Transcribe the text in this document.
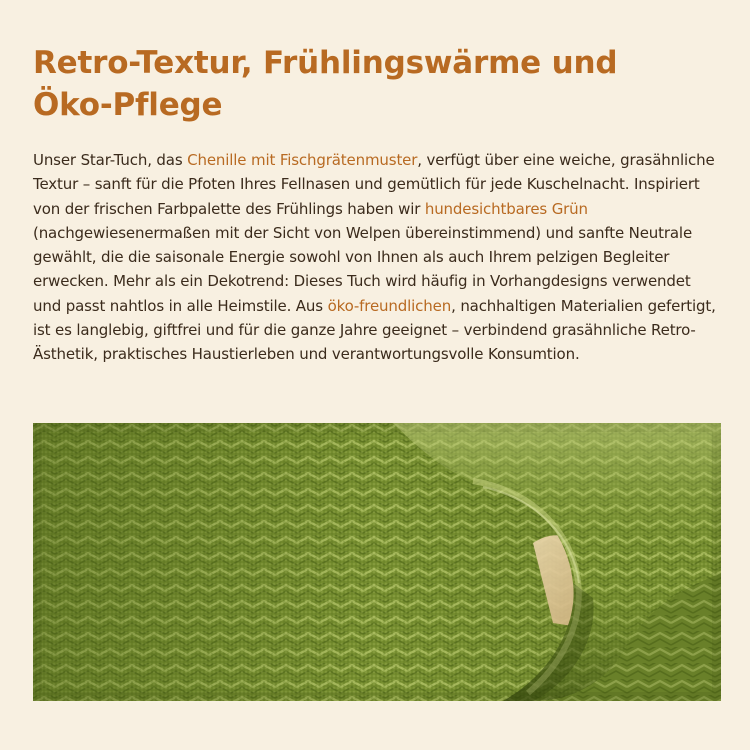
Retro-Textur, Frühlingswärme und
Öko-Pflege

Unser Star-Tuch, das Chenille mit Fischgrätenmuster, verfügt über eine weiche, grasähnliche Textur – sanft für die Pfoten Ihres Fellnasen und gemütlich für jede Kuschelnacht. Inspiriert von der frischen Farbpalette des Frühlings haben wir hundesichtbares Grün (nachgewiesenermaßen mit der Sicht von Welpen übereinstimmend) und sanfte Neutrale gewählt, die die saisonale Energie sowohl von Ihnen als auch Ihrem pelzigen Begleiter erwecken. Mehr als ein Dekotrend: Dieses Tuch wird häufig in Vorhangdesigns verwendet und passt nahtlos in alle Heimstile. Aus öko-freundlichen, nachhaltigen Materialien gefertigt, ist es langlebig, giftfrei und für die ganze Jahre geeignet – verbindend grasähnliche Retro-Ästhetik, praktisches Haustierleben und verantwortungsvolle Konsumtion.
